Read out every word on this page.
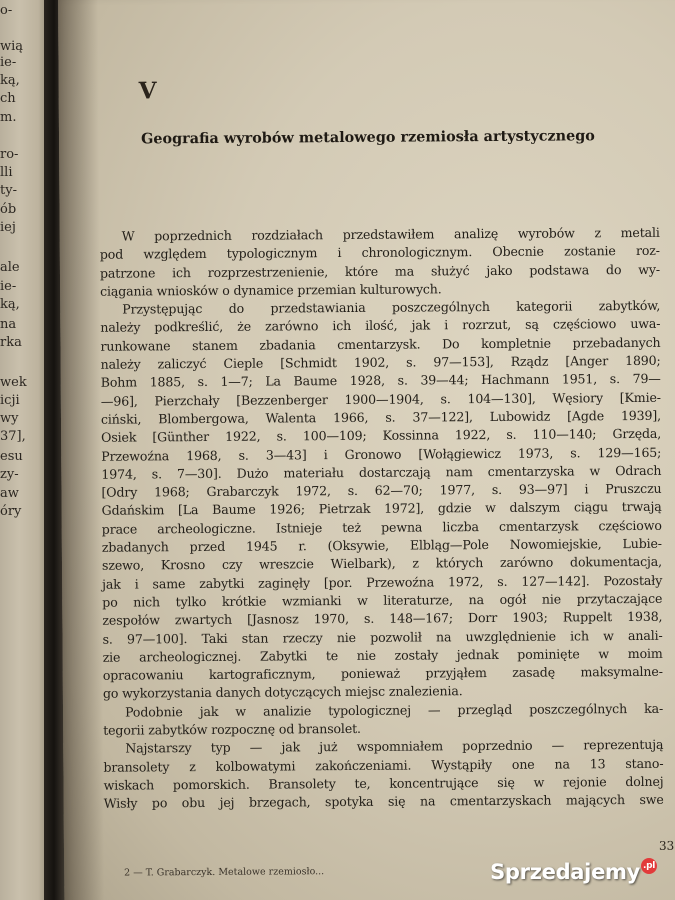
o-
wią
ie-
ką,
ch
m.
ro-
lli
ty-
ób
iej
ale
ie-
ką,
na
rka
wek
icji
wy
37],
esu
zy-
aw
óry
V
Geografia wyrobów metalowego rzemiosła artystycznego
W poprzednich rozdziałach przedstawiłem analizę wyrobów z metali
pod względem typologicznym i chronologicznym. Obecnie zostanie roz-
patrzone ich rozprzestrzenienie, które ma służyć jako podstawa do wy-
ciągania wniosków o dynamice przemian kulturowych.
Przystępując do przedstawiania poszczególnych kategorii zabytków,
należy podkreślić, że zarówno ich ilość, jak i rozrzut, są częściowo uwa-
runkowane stanem zbadania cmentarzysk. Do kompletnie przebadanych
należy zaliczyć Cieple [Schmidt 1902, s. 97—153], Rządz [Anger 1890;
Bohm 1885, s. 1—7; La Baume 1928, s. 39—44; Hachmann 1951, s. 79—
—96], Pierzchały [Bezzenberger 1900—1904, s. 104—130], Węsiory [Kmie-
ciński, Blombergowa, Walenta 1966, s. 37—122], Lubowidz [Agde 1939],
Osiek [Günther 1922, s. 100—109; Kossinna 1922, s. 110—140; Grzęda,
Przewoźna 1968, s. 3—43] i Gronowo [Wołągiewicz 1973, s. 129—165;
1974, s. 7—30]. Dużo materiału dostarczają nam cmentarzyska w Odrach
[Odry 1968; Grabarczyk 1972, s. 62—70; 1977, s. 93—97] i Pruszczu
Gdańskim [La Baume 1926; Pietrzak 1972], gdzie w dalszym ciągu trwają
prace archeologiczne. Istnieje też pewna liczba cmentarzysk częściowo
zbadanych przed 1945 r. (Oksywie, Elbląg—Pole Nowomiejskie, Lubie-
szewo, Krosno czy wreszcie Wielbark), z których zarówno dokumentacja,
jak i same zabytki zaginęły [por. Przewoźna 1972, s. 127—142]. Pozostały
po nich tylko krótkie wzmianki w literaturze, na ogół nie przytaczające
zespołów zwartych [Jasnosz 1970, s. 148—167; Dorr 1903; Ruppelt 1938,
s. 97—100]. Taki stan rzeczy nie pozwolił na uwzględnienie ich w anali-
zie archeologicznej. Zabytki te nie zostały jednak pominięte w moim
opracowaniu kartograficznym, ponieważ przyjąłem zasadę maksymalne-
go wykorzystania danych dotyczących miejsc znalezienia.
Podobnie jak w analizie typologicznej — przegląd poszczególnych ka-
tegorii zabytków rozpocznę od bransolet.
Najstarszy typ — jak już wspomniałem poprzednio — reprezentują
bransolety z kolbowatymi zakończeniami. Wystąpiły one na 13 stano-
wiskach pomorskich. Bransolety te, koncentrujące się w rejonie dolnej
Wisły po obu jej brzegach, spotyka się na cmentarzyskach mających swe
33
2 — T. Grabarczyk. Metalowe rzemiosło...	Sprzedajemy .pl
